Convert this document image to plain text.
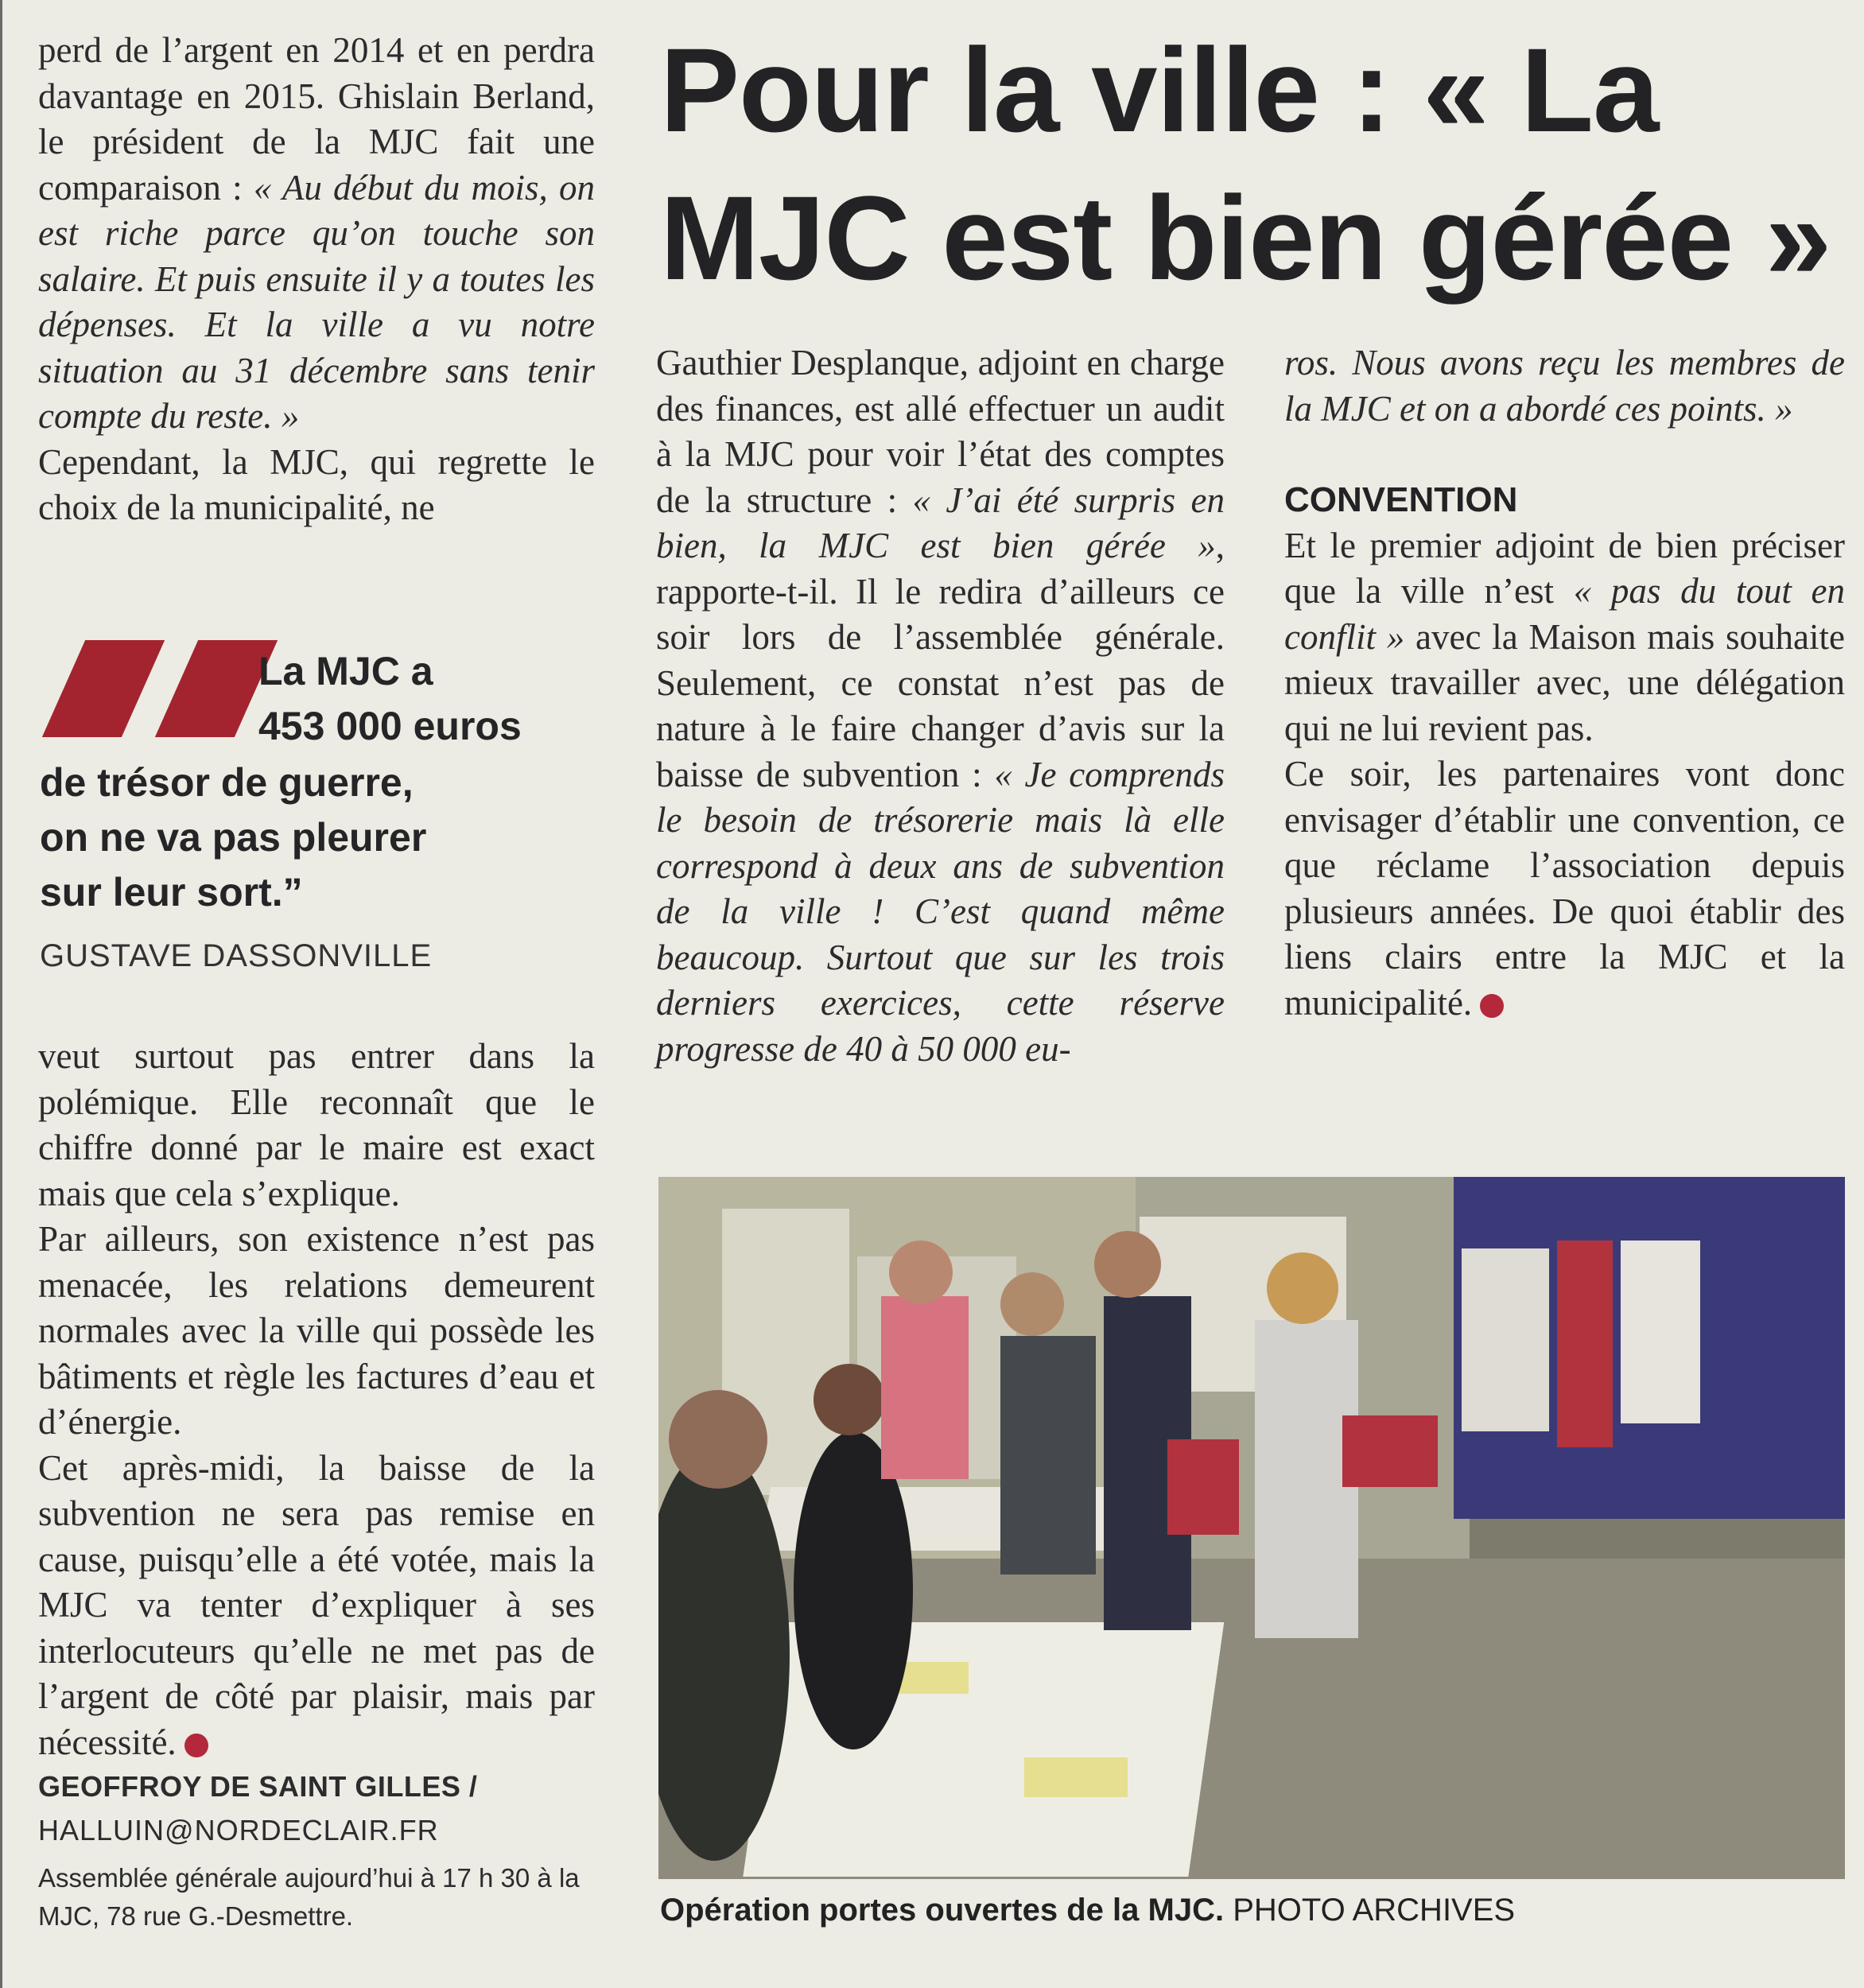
Pour la ville : « La
MJC est bien gérée »

perd de l’argent en 2014 et en perdra davantage en 2015. Ghislain Berland, le président de la MJC fait une comparaison : « Au début du mois, on est riche parce qu’on touche son salaire. Et puis ensuite il y a toutes les dépenses. Et la ville a vu notre situation au 31 décembre sans tenir compte du reste. »

Cependant, la MJC, qui regrette le choix de la municipalité, ne

La MJC a

453 000 euros

de trésor de guerre,

on ne va pas pleurer

sur leur sort.”

GUSTAVE DASSONVILLE

veut surtout pas entrer dans la polémique. Elle reconnaît que le chiffre donné par le maire est exact mais que cela s’explique.

Par ailleurs, son existence n’est pas menacée, les relations demeurent normales avec la ville qui possède les bâtiments et règle les factures d’eau et d’énergie.

Cet après-midi, la baisse de la subvention ne sera pas remise en cause, puisqu’elle a été votée, mais la MJC va tenter d’expliquer à ses interlocuteurs qu’elle ne met pas de l’argent de côté par plaisir, mais par nécessité.

GEOFFROY DE SAINT GILLES /
HALLUIN@NORDECLAIR.FR

Assemblée générale aujourd’hui à 17 h 30 à la MJC, 78 rue G.-Desmettre.

Gauthier Desplanque, adjoint en charge des finances, est allé effectuer un audit à la MJC pour voir l’état des comptes de la structure : « J’ai été surpris en bien, la MJC est bien gérée », rapporte-t-il. Il le redira d’ailleurs ce soir lors de l’assemblée générale. Seulement, ce constat n’est pas de nature à le faire changer d’avis sur la baisse de subvention : « Je comprends le besoin de trésorerie mais là elle correspond à deux ans de subvention de la ville ! C’est quand même beaucoup. Surtout que sur les trois derniers exercices, cette réserve progresse de 40 à 50 000 eu-

ros. Nous avons reçu les membres de la MJC et on a abordé ces points. »

CONVENTION

Et le premier adjoint de bien préciser que la ville n’est « pas du tout en conflit » avec la Maison mais souhaite mieux travailler avec, une délégation qui ne lui revient pas.

Ce soir, les partenaires vont donc envisager d’établir une convention, ce que réclame l’association depuis plusieurs années. De quoi établir des liens clairs entre la MJC et la municipalité.

Opération portes ouvertes de la MJC. PHOTO ARCHIVES
